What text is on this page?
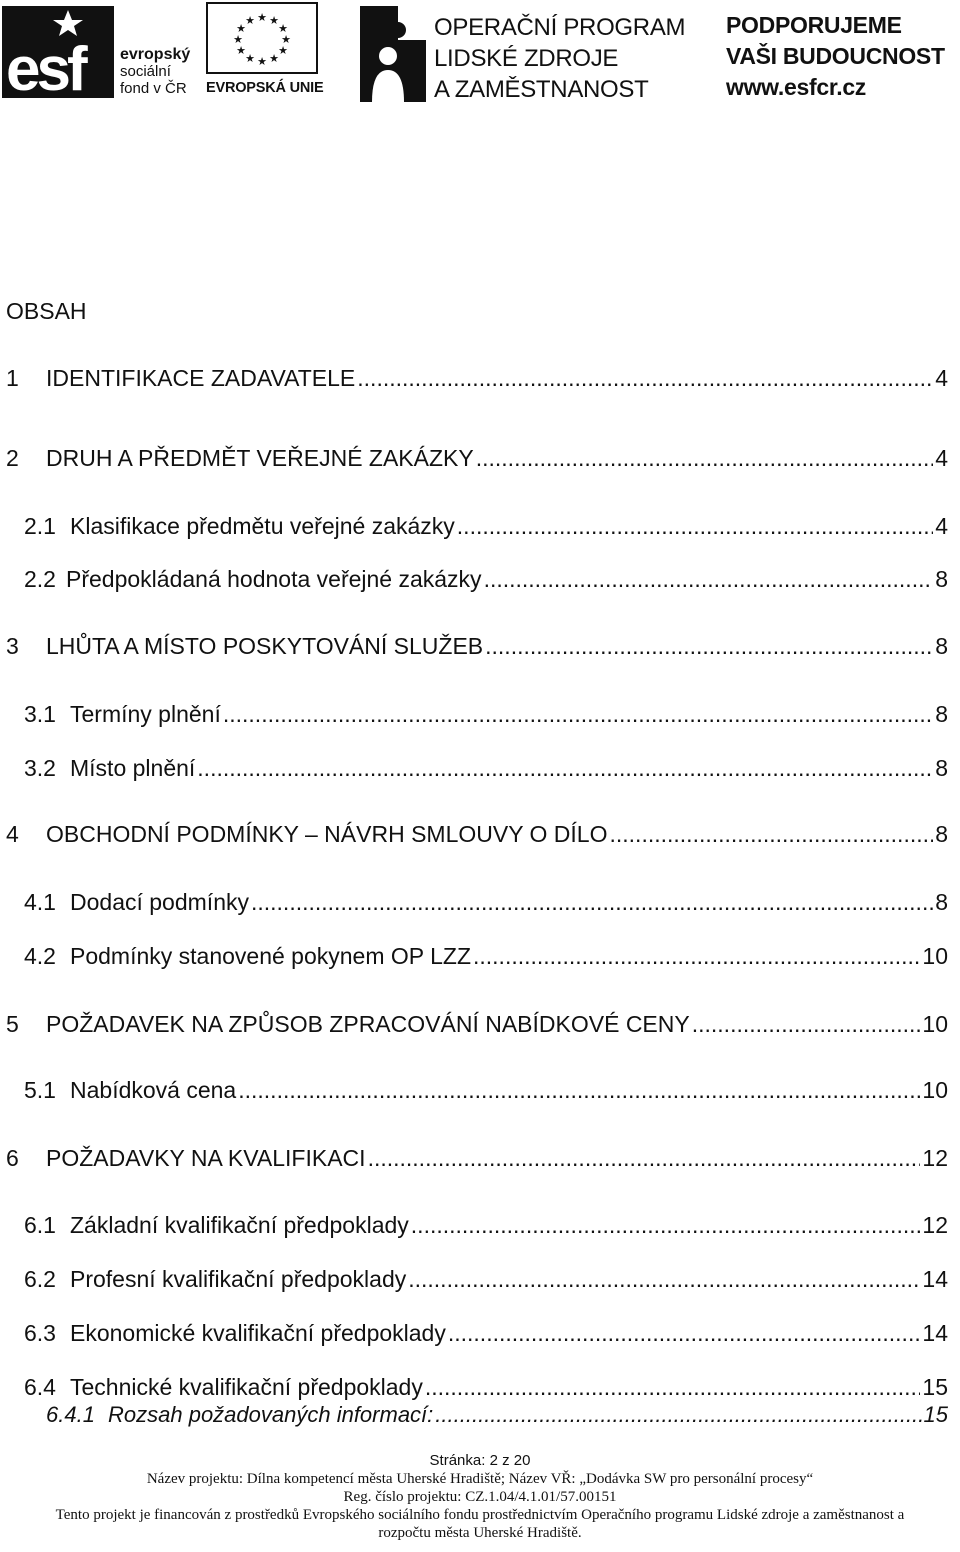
esf evropský
sociální
fond v ČR
★ ★
★
★
★
★
★
★
★
★
★
★
EVROPSKÁ UNIE
OPERAČNÍ PROGRAM
LIDSKÉ ZDROJE
A ZAMĚSTNANOST
PODPORUJEME
VAŠI BUDOUCNOST
www.esfcr.cz
OBSAH
1	IDENTIFIKACE ZADAVATELE .....	4
2	DRUH A PŘEDMĚT VEŘEJNÉ ZAKÁZKY .....	4
2.1 Klasifikace předmětu veřejné zakázky .....	4
2.2 Předpokládaná hodnota veřejné zakázky .....	8
3	LHŮTA A MÍSTO POSKYTOVÁNÍ SLUŽEB .....	8
3.1 Termíny plnění .....	8
3.2 Místo plnění .....	8
4	OBCHODNÍ PODMÍNKY – NÁVRH SMLOUVY O DÍLO .....	8
4.1 Dodací podmínky .....	8
4.2 Podmínky stanovené pokynem OP LZZ .....	10
5	POŽADAVEK NA ZPŮSOB ZPRACOVÁNÍ NABÍDKOVÉ CENY .....	10
5.1 Nabídková cena .....	10
6	POŽADAVKY NA KVALIFIKACI .....	12
6.1 Základní kvalifikační předpoklady .....	12
6.2 Profesní kvalifikační předpoklady .....	14
6.3 Ekonomické kvalifikační předpoklady .....	14
6.4 Technické kvalifikační předpoklady .....	15
6.4.1 Rozsah požadovaných informací: .....	15
Stránka: 2 z 20
Název projektu: Dílna kompetencí města Uherské Hradiště; Název VŘ: „Dodávka SW pro personální procesy“
Reg. číslo projektu: CZ.1.04/4.1.01/57.00151
Tento projekt je financován z prostředků Evropského sociálního fondu prostřednictvím Operačního programu Lidské zdroje a zaměstnanost a
rozpočtu města Uherské Hradiště.
